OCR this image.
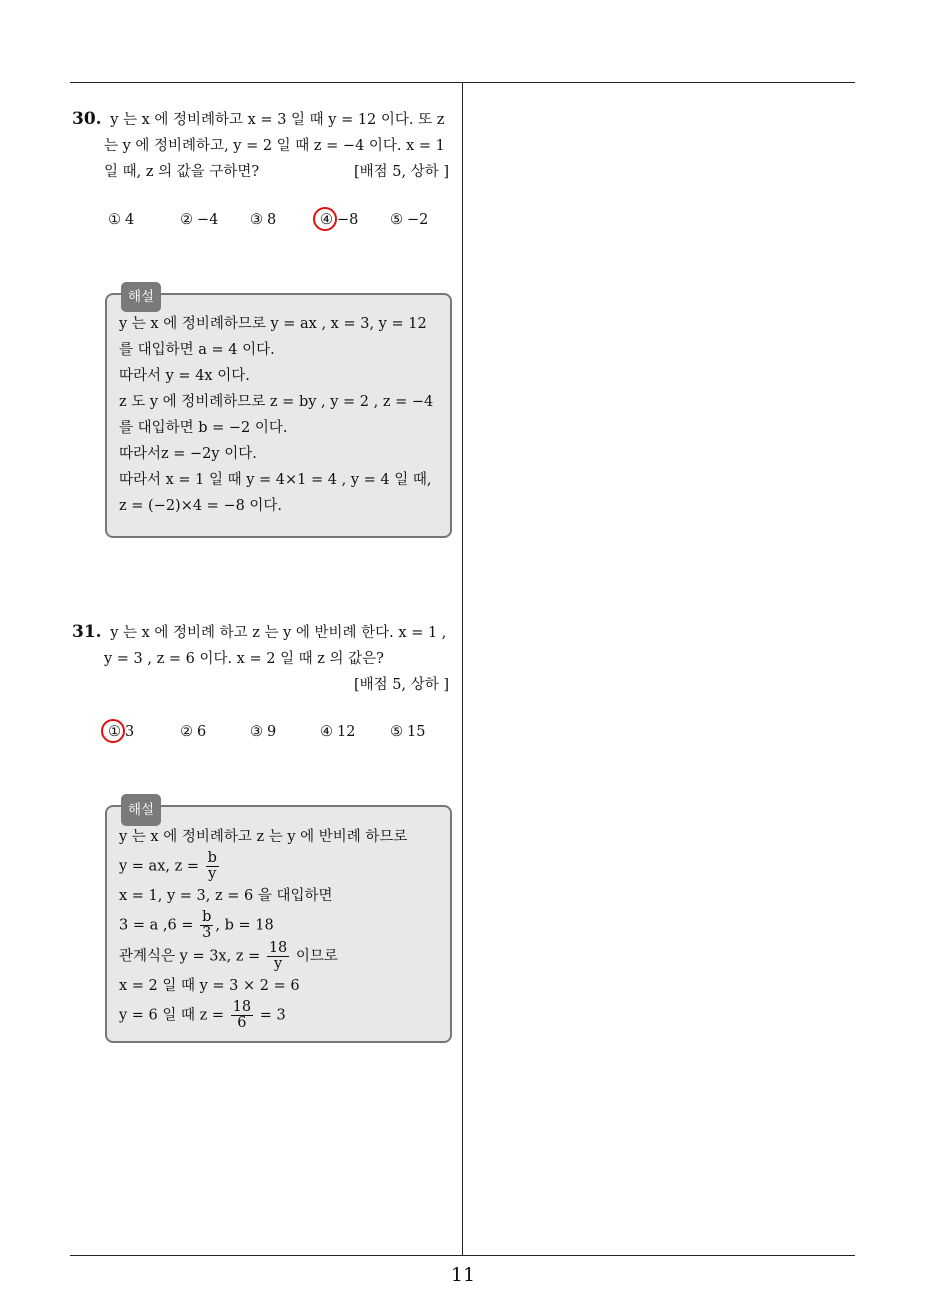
30. y 는 x 에 정비례하고 x = 3 일 때 y = 12 이다. 또 z
는 y 에 정비례하고, y = 2 일 때 z = −4 이다. x = 1
일 때, z 의 값을 구하면?	[배점 5, 상하 ]
① 4	② −4 ③ 8	④ −8 ⑤ −2
해설
y 는 x 에 정비례하므로 y = ax , x = 3, y = 12
를 대입하면 a = 4 이다.
따라서 y = 4x 이다.
z 도 y 에 정비례하므로 z = by , y = 2 , z = −4
를 대입하면 b = −2 이다.
따라서z = −2y 이다.
따라서 x = 1 일 때 y = 4×1 = 4 , y = 4 일 때,
z = (−2)×4 = −8 이다.
31. y 는 x 에 정비례 하고 z 는 y 에 반비례 한다. x = 1 ,
y = 3 , z = 6 이다. x = 2 일 때 z 의 값은?
[배점 5, 상하 ]
① 3	② 6	③ 9	④ 12 ⑤ 15
해설
y 는 x 에 정비례하고 z 는 y 에 반비례 하므로
y = ax, $z = \frac{b}{y}$
x = 1, y = 3, z = 6 을 대입하면
3 = a $,6 = \frac{b}{3}$ , b = 18
관계식은 y = 3x, $z = \frac{18}{y}$ 이므로
x = 2 일 때 y = 3 × 2 = 6
y = 6 일 때 $z = \frac{18}{6} = 3$
11
